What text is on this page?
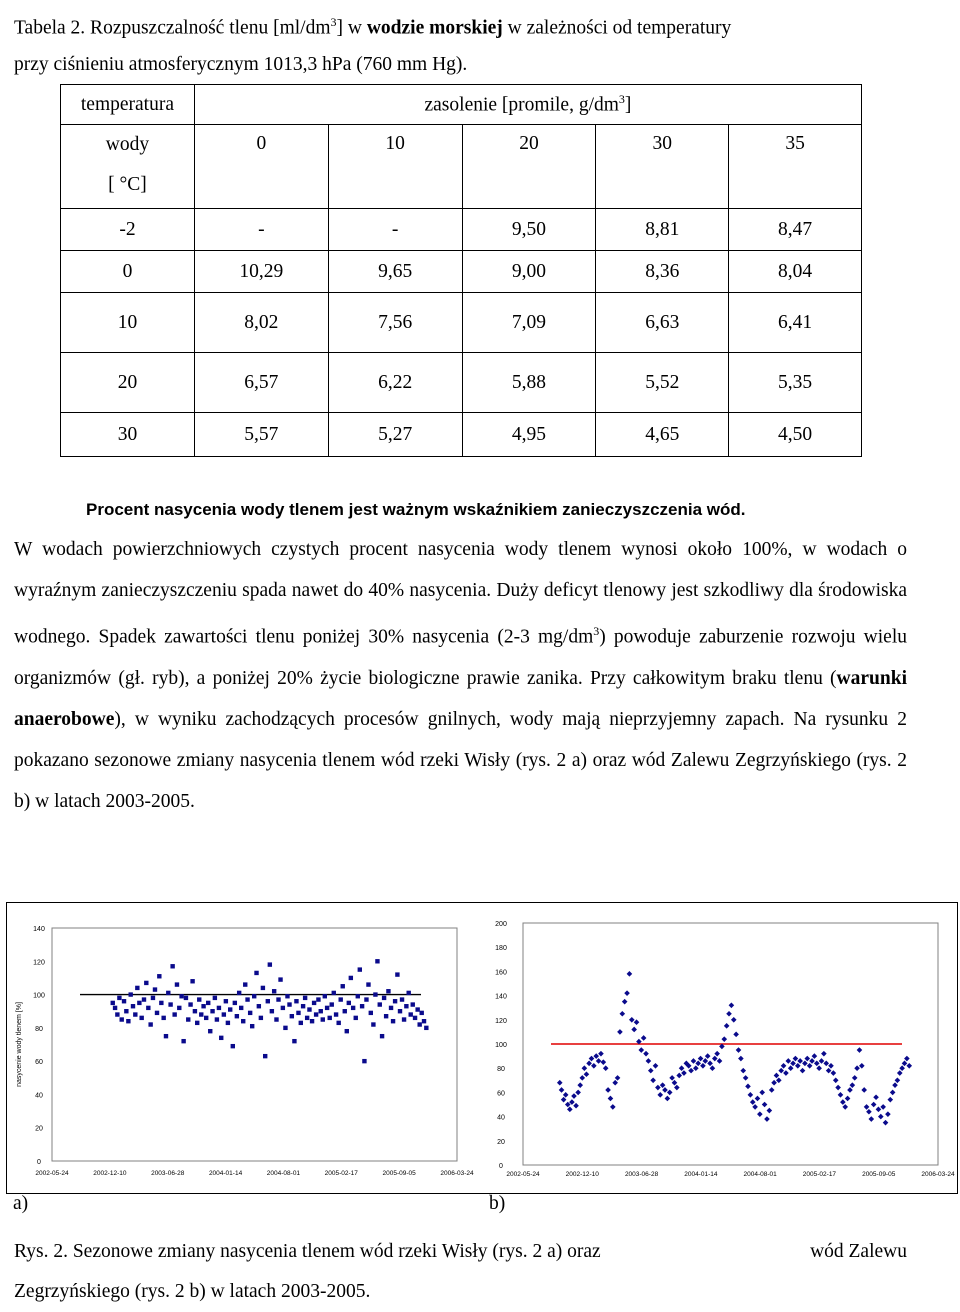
Tabela 2. Rozpuszczalność tlenu $[ml/dm^3]$ w wodzie morskiej w zależności od temperatury
przy ciśnieniu atmosferycznym 1013,3 hPa (760 mm Hg).
temperatura	zasolenie [promile, $g/dm^3$]				

wody
[ °C]	0	10	20	30	35
-2	-	-	9,50	8,81	8,47
0	10,29	9,65	9,00	8,36	8,04
10	8,02	7,56	7,09	6,63	6,41
20	6,57	6,22	5,88	5,52	5,35
30	5,57	5,27	4,95	4,65	4,50
Procent nasycenia wody tlenem jest ważnym wskaźnikiem zanieczyszczenia wód.
W wodach powierzchniowych czystych procent nasycenia wody tlenem wynosi około 100%, w wodach o wyraźnym zanieczyszczeniu spada nawet do 40% nasycenia. Duży deficyt tlenowy jest szkodliwy dla środowiska wodnego. Spadek zawartości tlenu poniżej 30% nasycenia (2-3 $mg/dm^3$) powoduje zaburzenie rozwoju wielu organizmów (gł. ryb), a poniżej 20% życie biologiczne prawie zanika. Przy całkowitym braku tlenu (warunki anaerobowe), w wyniku zachodzących procesów gnilnych, wody mają nieprzyjemny zapach. Na rysunku 2 pokazano sezonowe zmiany nasycenia tlenem wód rzeki Wisły (rys. 2 a) oraz wód Zalewu Zegrzyńskiego (rys. 2 b) w latach 2003-2005.
0
20
40
60
80
100
120
140
2002-05-24	2002-12-10	2003-06-28	2004-01-14	2004-08-01	2005-02-17	2005-09-05	2006-03-24
nasycenie wody tlenem [%]
0
20
40
60
80
100
120
140
160
180
200
2002-05-24	2002-12-10	2003-06-28	2004-01-14	2004-08-01	2005-02-17	2005-09-05	2006-03-24
a)	b)
Rys. 2. Sezonowe zmiany nasycenia tlenem wód rzeki Wisły (rys. 2 a) oraz	wód Zalewu
Zegrzyńskiego (rys. 2 b) w latach 2003-2005.
